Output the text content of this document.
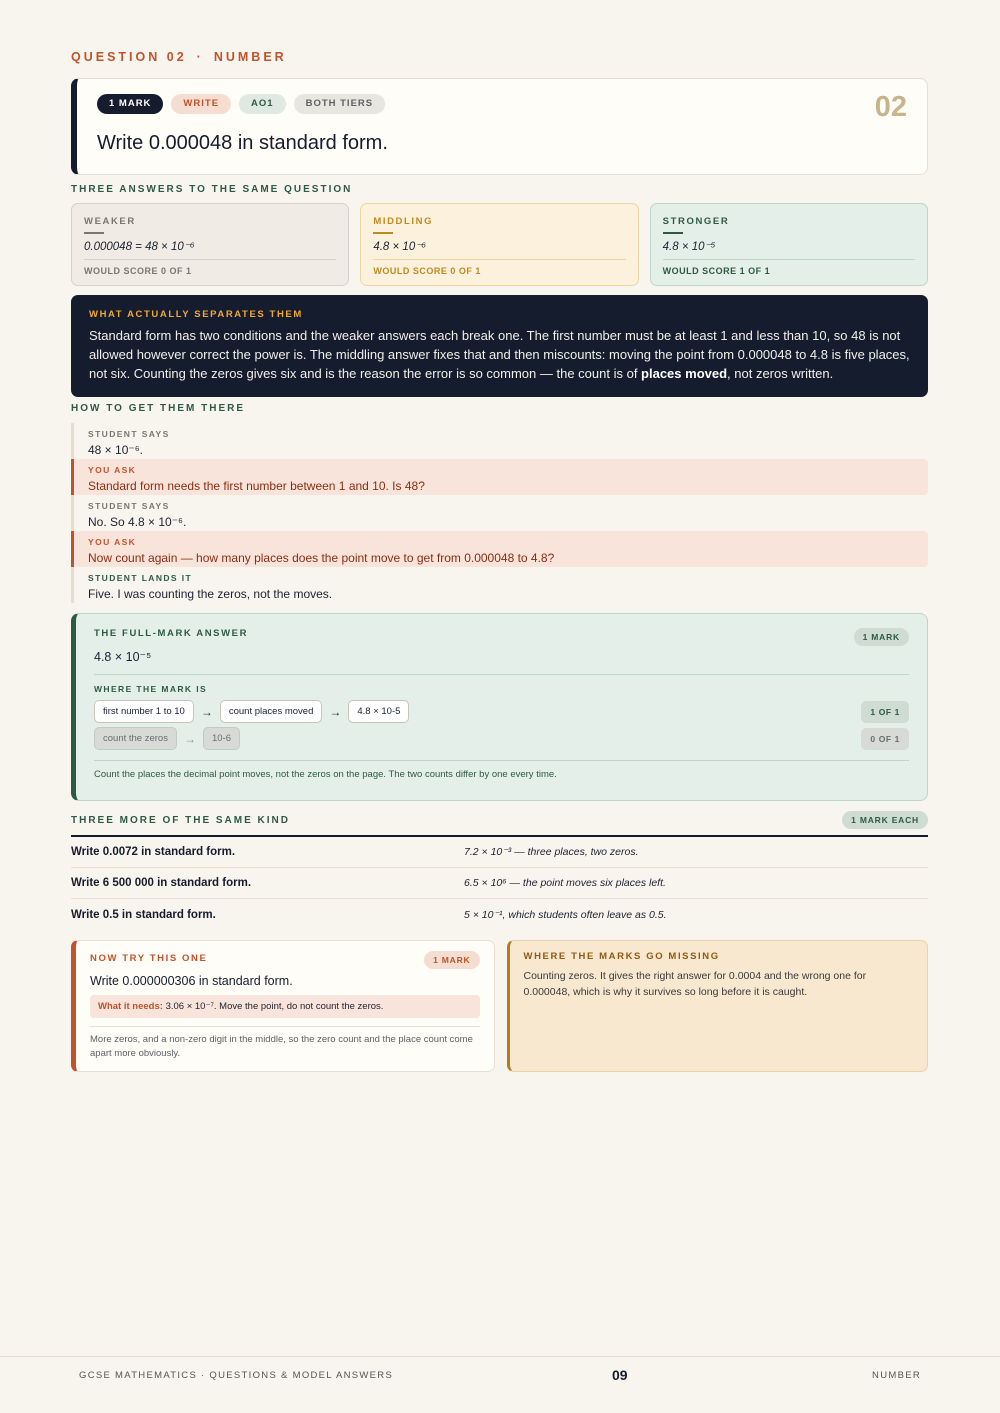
QUESTION 02 · NUMBER
1 MARK	WRITE	AO1	BOTH TIERS
Write 0.000048 in standard form.
02
THREE ANSWERS TO THE SAME QUESTION
WEAKER
0.000048 = 48 × 10⁻⁶
WOULD SCORE 0 OF 1
MIDDLING
4.8 × 10⁻⁶
WOULD SCORE 0 OF 1
STRONGER
4.8 × 10⁻⁵
WOULD SCORE 1 OF 1
WHAT ACTUALLY SEPARATES THEM
Standard form has two conditions and the weaker answers each break one. The first number must be at least 1 and less than 10, so 48 is not allowed however correct the power is. The middling answer fixes that and then miscounts: moving the point from 0.000048 to 4.8 is five places, not six. Counting the zeros gives six and is the reason the error is so common — the count is of places moved, not zeros written.
HOW TO GET THEM THERE
STUDENT SAYS
48 × 10⁻⁶.
YOU ASK
Standard form needs the first number between 1 and 10. Is 48?
STUDENT SAYS
No. So 4.8 × 10⁻⁶.
YOU ASK
Now count again — how many places does the point move to get from 0.000048 to 4.8?
STUDENT LANDS IT
Five. I was counting the zeros, not the moves.
THE FULL-MARK ANSWER	1 MARK
4.8 × 10⁻⁵
WHERE THE MARK IS
first number 1 to 10	→	count places moved	→	4.8 × 10-5	1 OF 1
count the zeros	→	10-6	0 OF 1
Count the places the decimal point moves, not the zeros on the page. The two counts differ by one every time.
THREE MORE OF THE SAME KIND	1 MARK EACH
Write 0.0072 in standard form.	7.2 × 10⁻³ — three places, two zeros.
Write 6 500 000 in standard form.	6.5 × 10⁶ — the point moves six places left.
Write 0.5 in standard form.	5 × 10⁻¹, which students often leave as 0.5.
NOW TRY THIS ONE	1 MARK
Write 0.000000306 in standard form.
What it needs: 3.06 × 10⁻⁷. Move the point, do not count the zeros.
More zeros, and a non-zero digit in the middle, so the zero count and the place count come apart more obviously.
WHERE THE MARKS GO MISSING
Counting zeros. It gives the right answer for 0.0004 and the wrong one for 0.000048, which is why it survives so long before it is caught.
GCSE MATHEMATICS · QUESTIONS & MODEL ANSWERS	09	NUMBER
